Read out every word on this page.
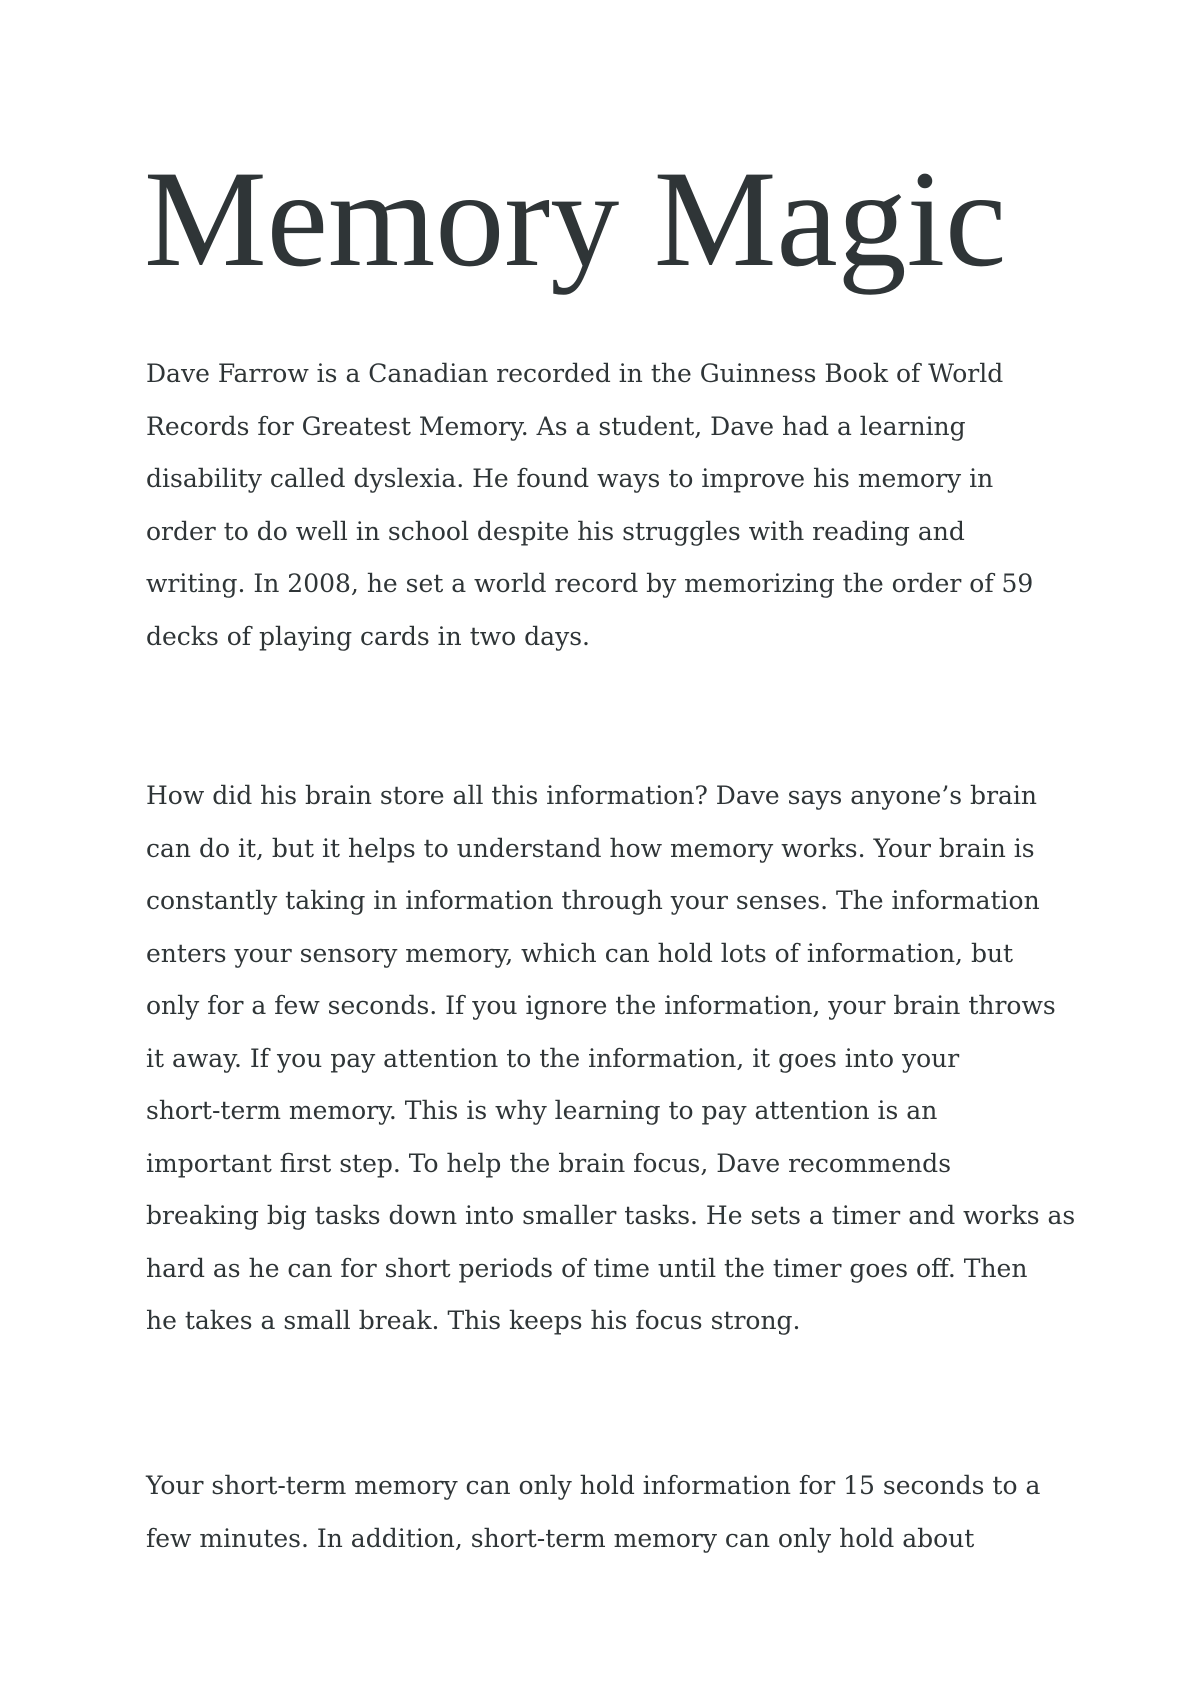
Memory Magic

Dave Farrow is a Canadian recorded in the Guinness Book of World
Records for Greatest Memory. As a student, Dave had a learning
disability called dyslexia. He found ways to improve his memory in
order to do well in school despite his struggles with reading and
writing. In 2008, he set a world record by memorizing the order of 59
decks of playing cards in two days.

How did his brain store all this information? Dave says anyone’s brain
can do it, but it helps to understand how memory works. Your brain is
constantly taking in information through your senses. The information
enters your sensory memory, which can hold lots of information, but
only for a few seconds. If you ignore the information, your brain throws
it away. If you pay attention to the information, it goes into your
short-term memory. This is why learning to pay attention is an
important first step. To help the brain focus, Dave recommends
breaking big tasks down into smaller tasks. He sets a timer and works as
hard as he can for short periods of time until the timer goes off. Then
he takes a small break. This keeps his focus strong.

Your short-term memory can only hold information for 15 seconds to a
few minutes. In addition, short-term memory can only hold about
